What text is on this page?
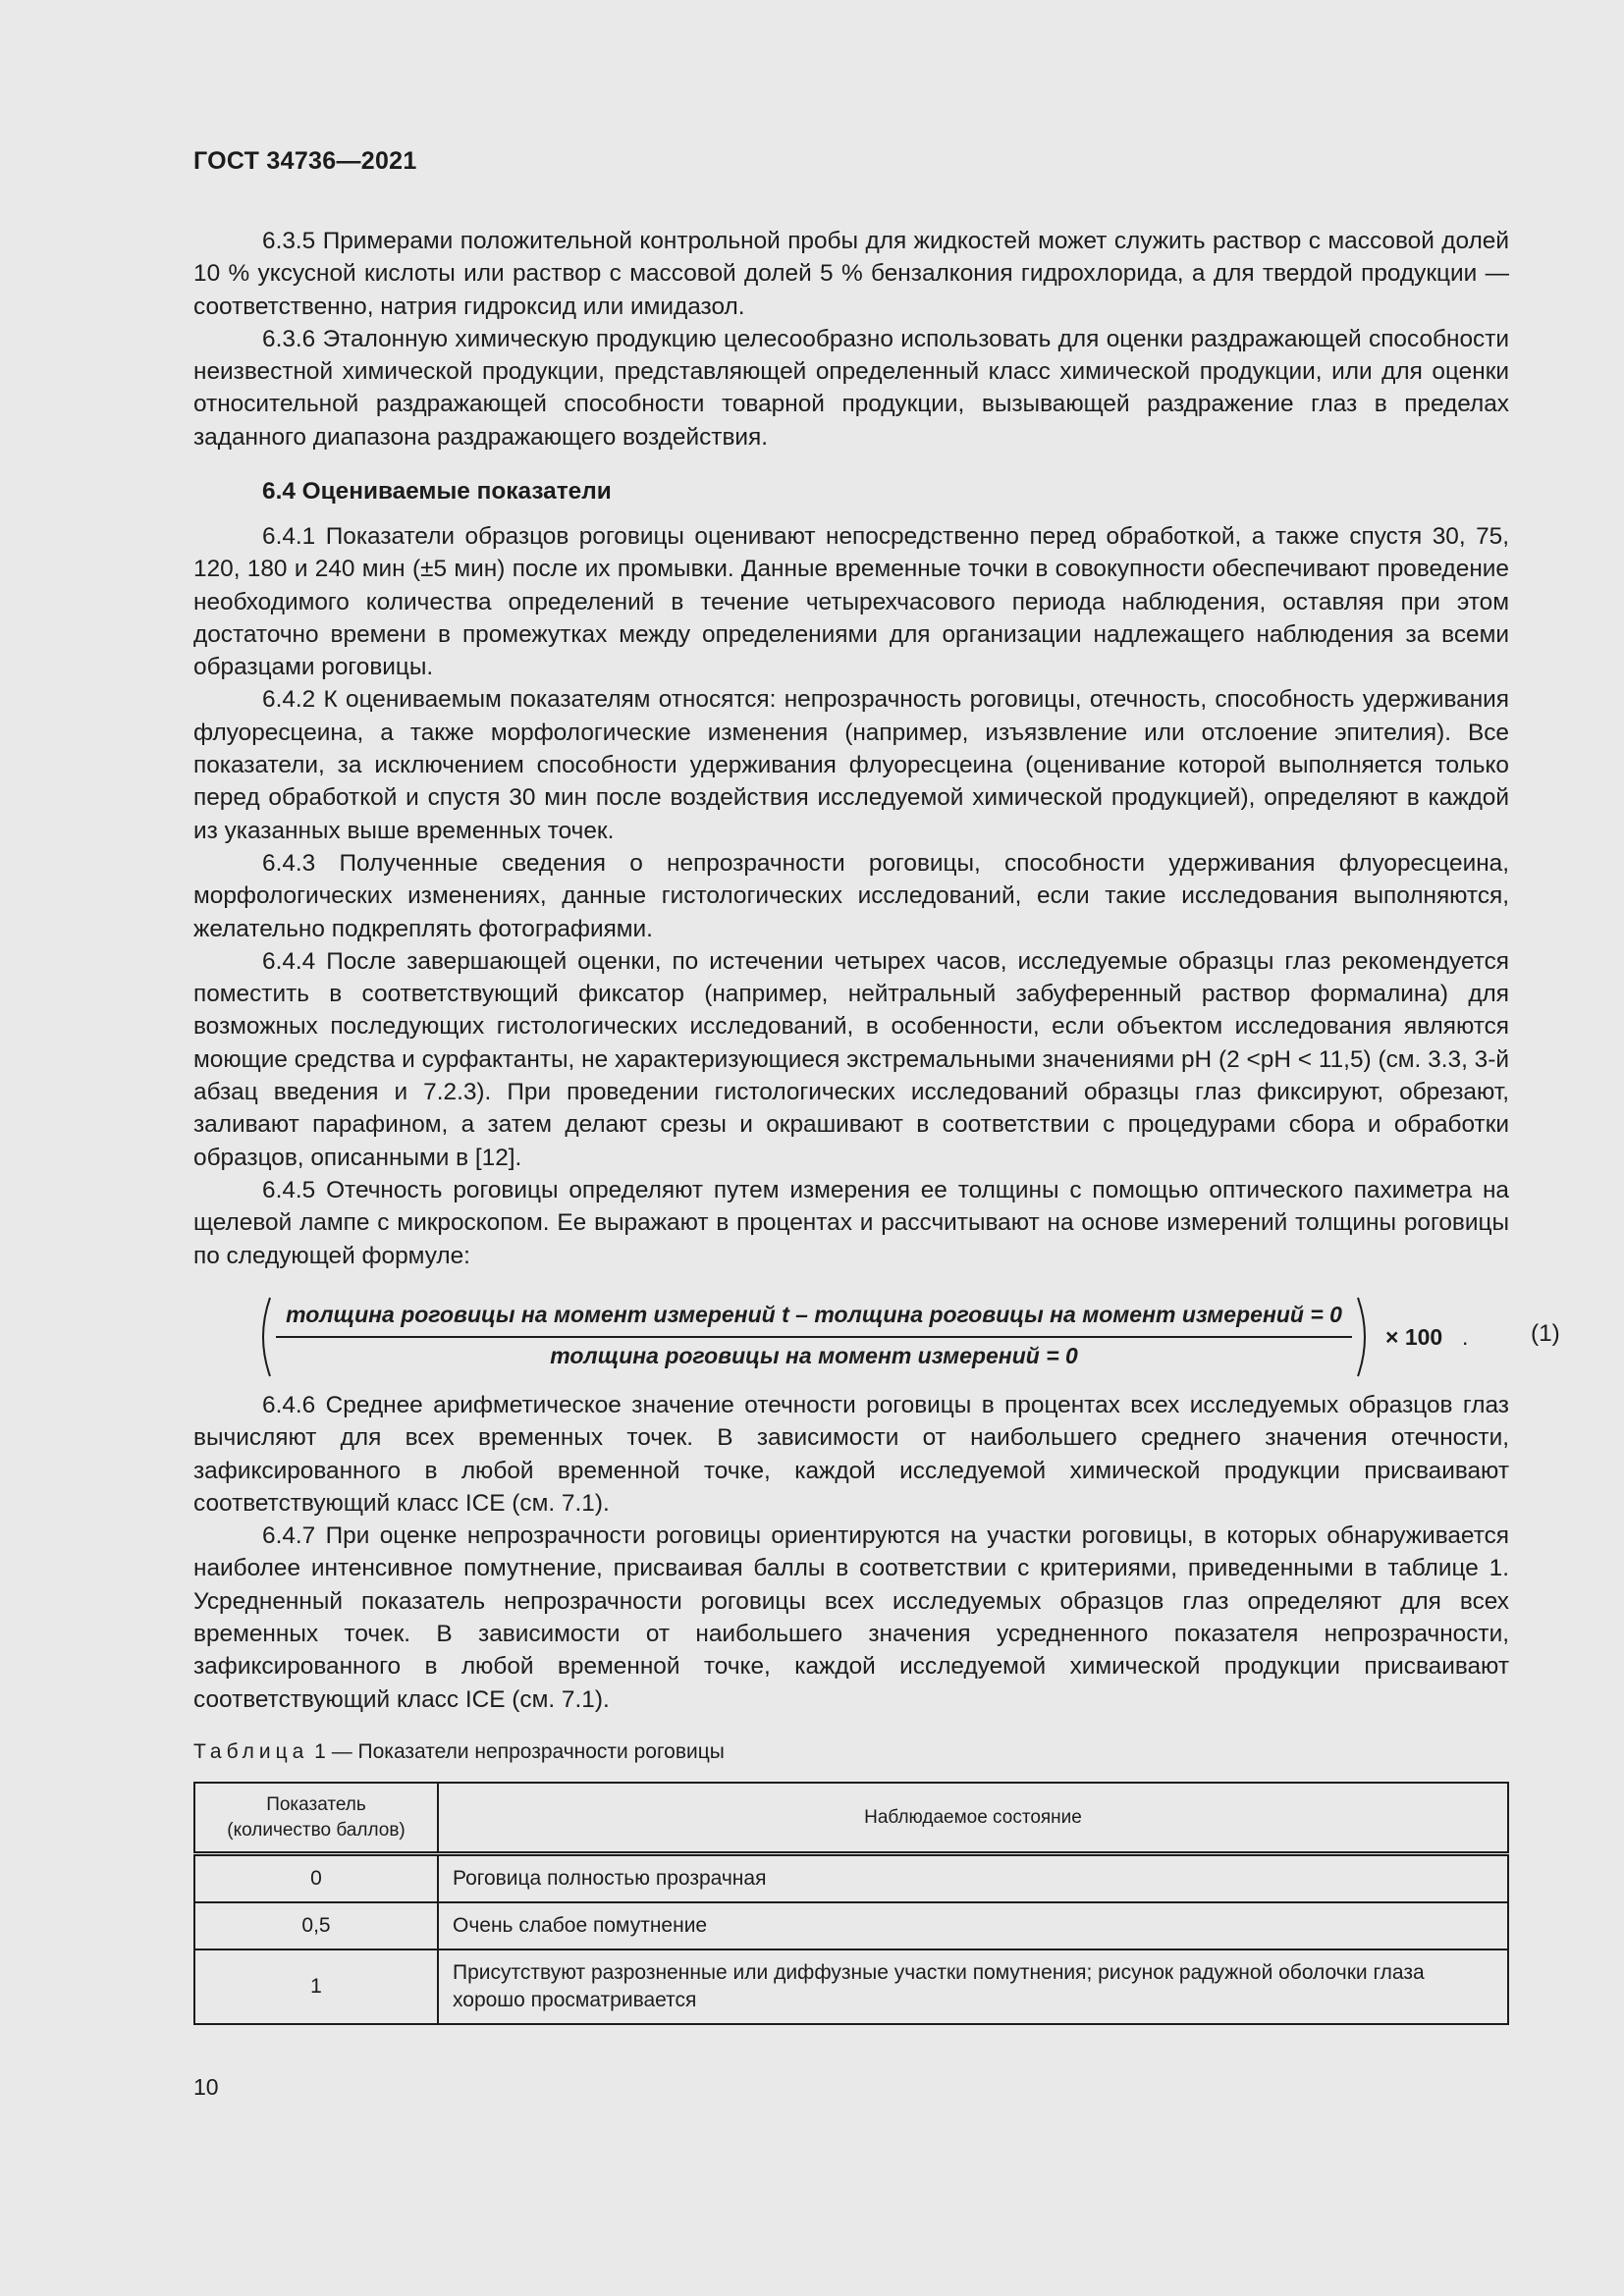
ГОСТ 34736—2021

6.3.5 Примерами положительной контрольной пробы для жидкостей может служить раствор с массовой долей 10 % уксусной кислоты или раствор с массовой долей 5 % бензалкония гидрохлорида, а для твердой продукции — соответственно, натрия гидроксид или имидазол.

6.3.6 Эталонную химическую продукцию целесообразно использовать для оценки раздражающей способности неизвестной химической продукции, представляющей определенный класс химической продукции, или для оценки относительной раздражающей способности товарной продукции, вызывающей раздражение глаз в пределах заданного диапазона раздражающего воздействия.

6.4 Оцениваемые показатели

6.4.1 Показатели образцов роговицы оценивают непосредственно перед обработкой, а также спустя 30, 75, 120, 180 и 240 мин (±5 мин) после их промывки. Данные временные точки в совокупности обеспечивают проведение необходимого количества определений в течение четырехчасового периода наблюдения, оставляя при этом достаточно времени в промежутках между определениями для организации надлежащего наблюдения за всеми образцами роговицы.

6.4.2 К оцениваемым показателям относятся: непрозрачность роговицы, отечность, способность удерживания флуоресцеина, а также морфологические изменения (например, изъязвление или отслоение эпителия). Все показатели, за исключением способности удерживания флуоресцеина (оценивание которой выполняется только перед обработкой и спустя 30 мин после воздействия исследуемой химической продукцией), определяют в каждой из указанных выше временных точек.

6.4.3 Полученные сведения о непрозрачности роговицы, способности удерживания флуоресцеина, морфологических изменениях, данные гистологических исследований, если такие исследования выполняются, желательно подкреплять фотографиями.

6.4.4 После завершающей оценки, по истечении четырех часов, исследуемые образцы глаз рекомендуется поместить в соответствующий фиксатор (например, нейтральный забуференный раствор формалина) для возможных последующих гистологических исследований, в особенности, если объектом исследования являются моющие средства и сурфактанты, не характеризующиеся экстремальными значениями pH (2 <pH < 11,5) (см. 3.3, 3-й абзац введения и 7.2.3). При проведении гистологических исследований образцы глаз фиксируют, обрезают, заливают парафином, а затем делают срезы и окрашивают в соответствии с процедурами сбора и обработки образцов, описанными в [12].

6.4.5 Отечность роговицы определяют путем измерения ее толщины с помощью оптического пахиметра на щелевой лампе с микроскопом. Ее выражают в процентах и рассчитывают на основе измерений толщины роговицы по следующей формуле:

толщина роговицы на момент измерений t – толщина роговицы на момент измерений = 0
толщина роговицы на момент измерений = 0
× 100 .	(1)

6.4.6 Среднее арифметическое значение отечности роговицы в процентах всех исследуемых образцов глаз вычисляют для всех временных точек. В зависимости от наибольшего среднего значения отечности, зафиксированного в любой временной точке, каждой исследуемой химической продукции присваивают соответствующий класс ICE (см. 7.1).

6.4.7 При оценке непрозрачности роговицы ориентируются на участки роговицы, в которых обнаруживается наиболее интенсивное помутнение, присваивая баллы в соответствии с критериями, приведенными в таблице 1. Усредненный показатель непрозрачности роговицы всех исследуемых образцов глаз определяют для всех временных точек. В зависимости от наибольшего значения усредненного показателя непрозрачности, зафиксированного в любой временной точке, каждой исследуемой химической продукции присваивают соответствующий класс ICE (см. 7.1).

Таблица 1 — Показатели непрозрачности роговицы
Показатель
(количество баллов)	Наблюдаемое состояние
0	Роговица полностью прозрачная
0,5	Очень слабое помутнение
1	Присутствуют разрозненные или диффузные участки помутнения; рисунок радужной оболочки глаза хорошо просматривается
10
